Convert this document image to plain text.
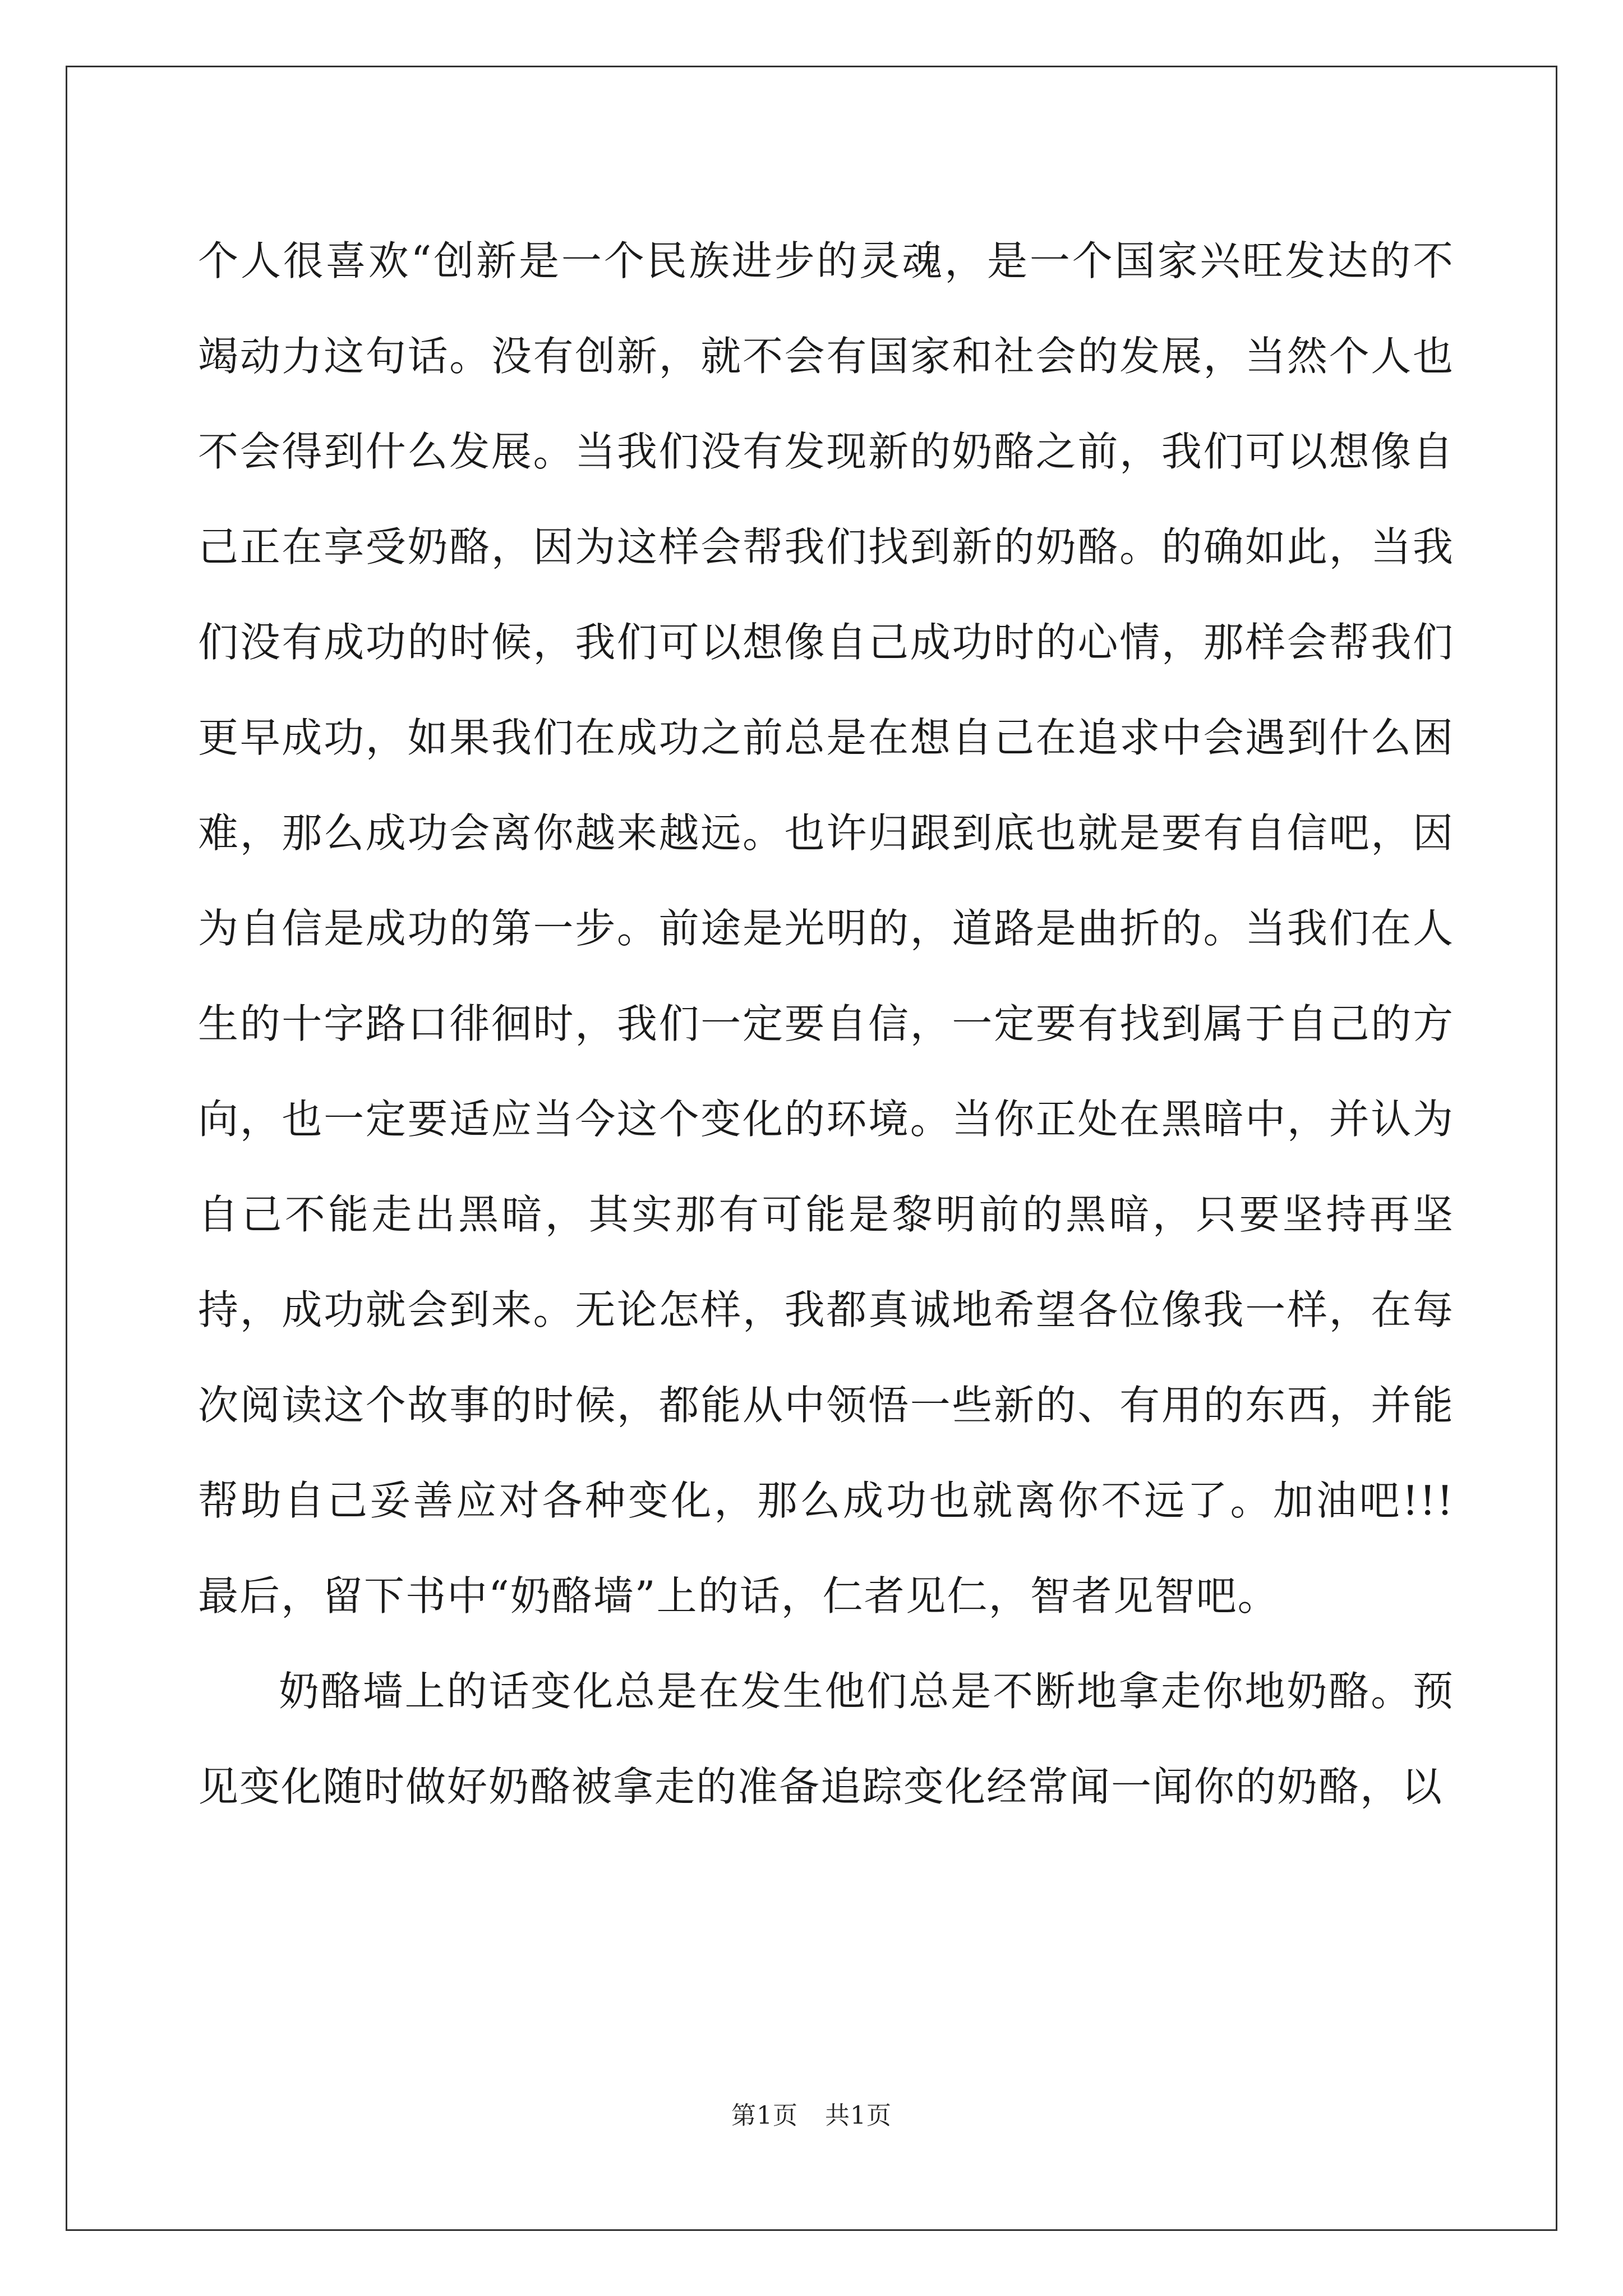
个人很喜欢“创新是一个民族进步的灵魂，是一个国家兴旺发达的不竭动力这句话。没有创新，就不会有国家和社会的发展，当然个人也不会得到什么发展。当我们没有发现新的奶酪之前，我们可以想像自己正在享受奶酪，因为这样会帮我们找到新的奶酪。的确如此，当我们没有成功的时候，我们可以想像自己成功时的心情，那样会帮我们更早成功，如果我们在成功之前总是在想自己在追求中会遇到什么困难，那么成功会离你越来越远。也许归跟到底也就是要有自信吧，因为自信是成功的第一步。前途是光明的，道路是曲折的。当我们在人生的十字路口徘徊时，我们一定要自信，一定要有找到属于自己的方向，也一定要适应当今这个变化的环境。当你正处在黑暗中，并认为自己不能走出黑暗，其实那有可能是黎明前的黑暗，只要坚持再坚持，成功就会到来。无论怎样，我都真诚地希望各位像我一样，在每次阅读这个故事的时候，都能从中领悟一些新的、有用的东西，并能帮助自己妥善应对各种变化，那么成功也就离你不远了。加油吧!!! 最后，留下书中“奶酪墙”上的话，仁者见仁，智者见智吧。

奶酪墙上的话变化总是在发生他们总是不断地拿走你地奶酪。预见变化随时做好奶酪被拿走的准备追踪变化经常闻一闻你的奶酪，以

第1页 共1页
